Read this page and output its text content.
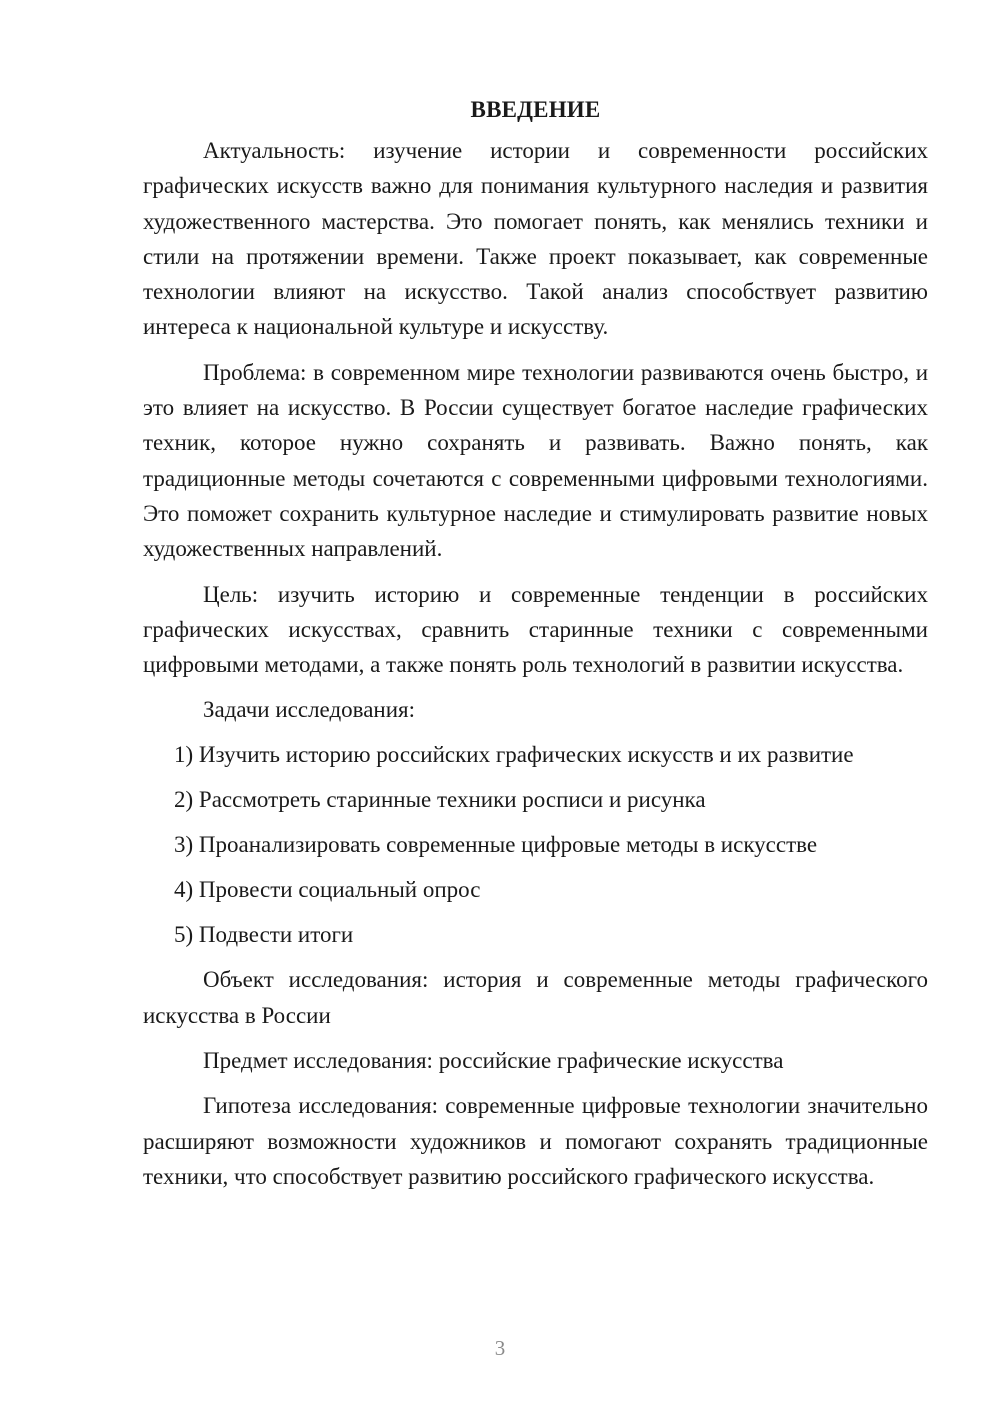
ВВЕДЕНИЕ

Актуальность: изучение истории и современности российских графических искусств важно для понимания культурного наследия и развития художественного мастерства. Это помогает понять, как менялись техники и стили на протяжении времени. Также проект показывает, как современные технологии влияют на искусство. Такой анализ способствует развитию интереса к национальной культуре и искусству.

Проблема: в современном мире технологии развиваются очень быстро, и это влияет на искусство. В России существует богатое наследие графических техник, которое нужно сохранять и развивать. Важно понять, как традиционные методы сочетаются с современными цифровыми технологиями. Это поможет сохранить культурное наследие и стимулировать развитие новых художественных направлений.

Цель: изучить историю и современные тенденции в российских графических искусствах, сравнить старинные техники с современными цифровыми методами, а также понять роль технологий в развитии искусства.

Задачи исследования:

1) Изучить историю российских графических искусств и их развитие
2) Рассмотреть старинные техники росписи и рисунка
3) Проанализировать современные цифровые методы в искусстве
4) Провести социальный опрос
5) Подвести итоги

Объект исследования: история и современные методы графического искусства в России

Предмет исследования: российские графические искусства

Гипотеза исследования: современные цифровые технологии значительно расширяют возможности художников и помогают сохранять традиционные техники, что способствует развитию российского графического искусства.

3
